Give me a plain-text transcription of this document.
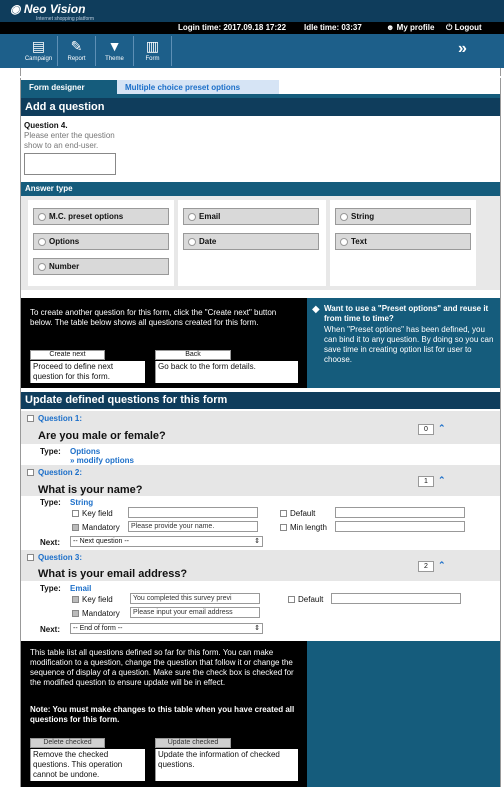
◉ Neo Vision
Internet shopping platform
Login time: 2017.09.18 17:22 Idle time: 03:37	☻ My profile ⏻ Logout
▤
Campaign
✎
Report
▼
Theme
▥
Form
»
Form designer	Multiple choice preset options
Add a question
Question 4.
Please enter the question show to an end-user.
Answer type
M.C. preset options
Options
Number
Email
Date
String
Text
To create another question for this form, click the "Create next" button below. The table below shows all questions created for this form.
Create next
Proceed to define next question for this form.
Back
Go back to the form details.
◆ Want to use a "Preset options" and reuse it from time to time?
When "Preset options" has been defined, you can bind it to any question. By doing so you can save time in creating option list for user to choose.
Update defined questions for this form
Question 1:
0	⌃
Are you male or female?
Type: Options
» modify options
Question 2:
1	⌃
What is your name?
Type: String
Key field	Default
Mandatory	Please provide your name.	Min length
Next:	-- Next question --	⇕
Question 3:
2	⌃
What is your email address?
Type: Email
Key field	You completed this survey previ	Default
Mandatory	Please input your email address
Next:	-- End of form --	⇕
This table list all questions defined so far for this form. You can make modification to a question, change the question that follow it or change the sequence of display of a question. Make sure the check box is checked for the modified question to ensure update will be in effect.
Note: You must make changes to this table when you have created all questions for this form.
Delete checked
Remove the checked questions. This operation cannot be undone.
Update checked
Update the information of checked questions.
